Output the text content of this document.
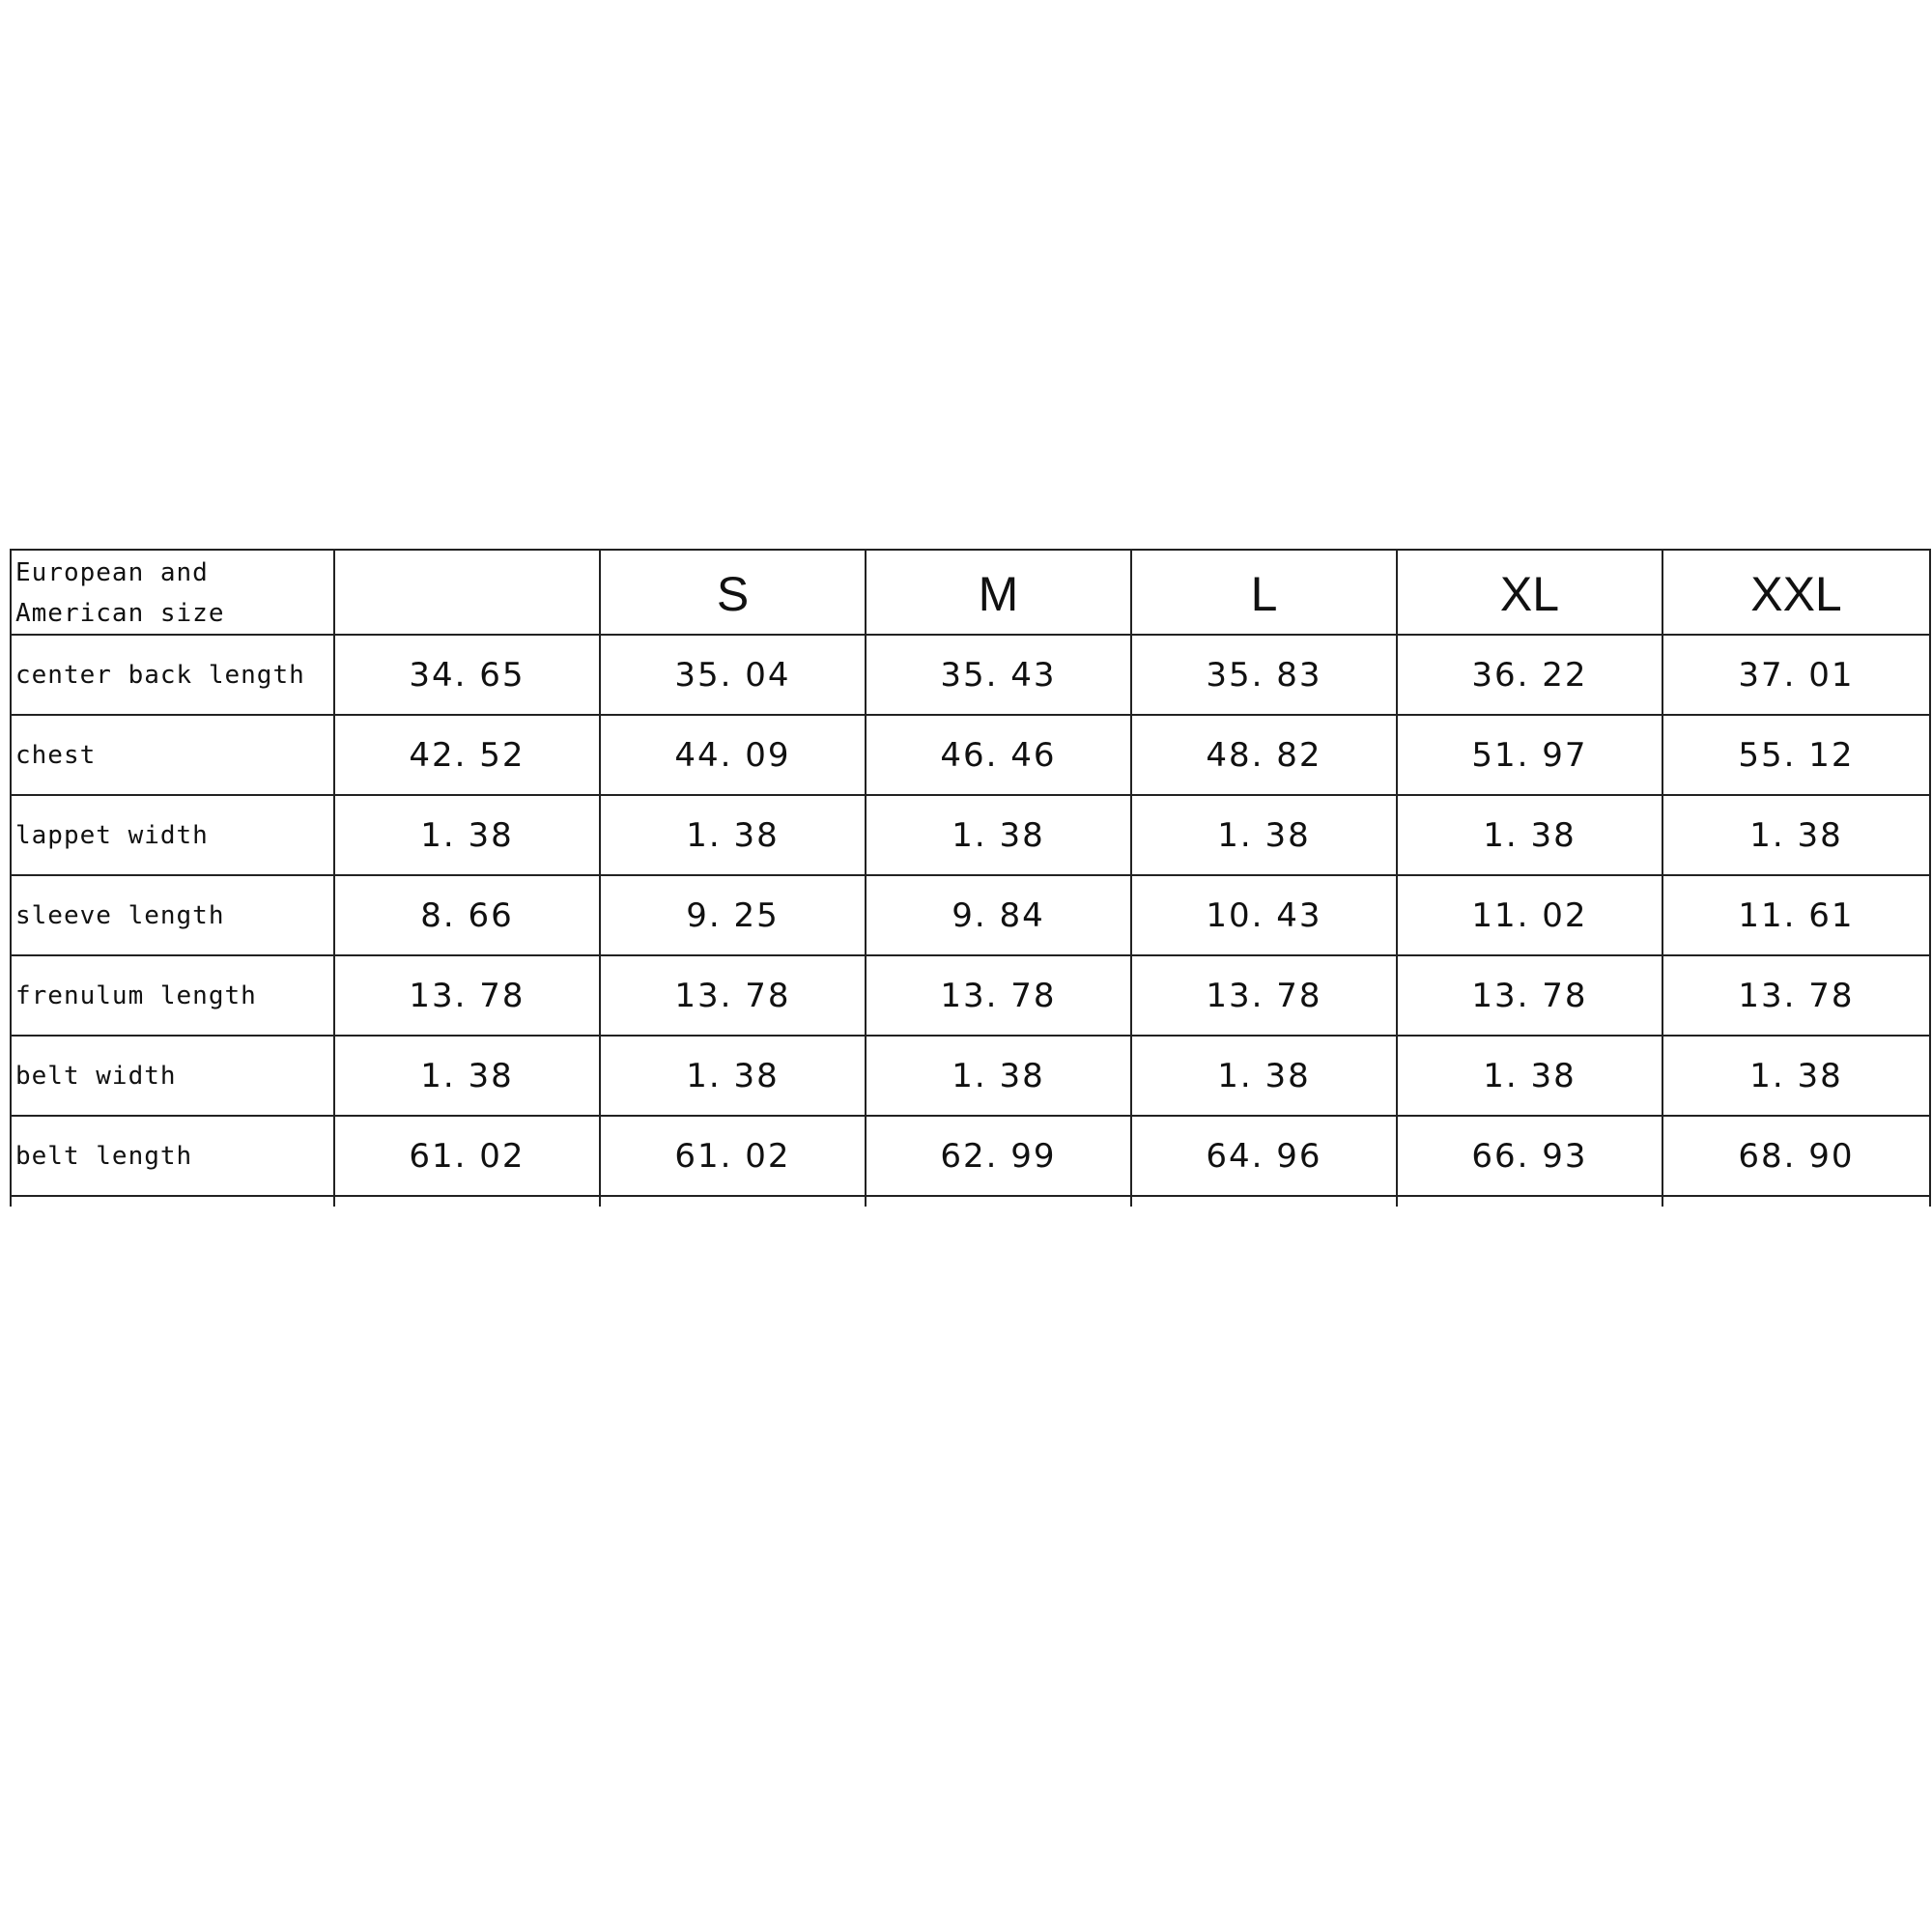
European and
American size		S	M	L	XL	XXL
center back length	34. 65	35. 04	35. 43	35. 83	36. 22	37. 01
chest	42. 52	44. 09	46. 46	48. 82	51. 97	55. 12
lappet width	1. 38	1. 38	1. 38	1. 38	1. 38	1. 38
sleeve length	8. 66	9. 25	9. 84	10. 43	11. 02	11. 61
frenulum length	13. 78	13. 78	13. 78	13. 78	13. 78	13. 78
belt width	1. 38	1. 38	1. 38	1. 38	1. 38	1. 38
belt length	61. 02	61. 02	62. 99	64. 96	66. 93	68. 90
